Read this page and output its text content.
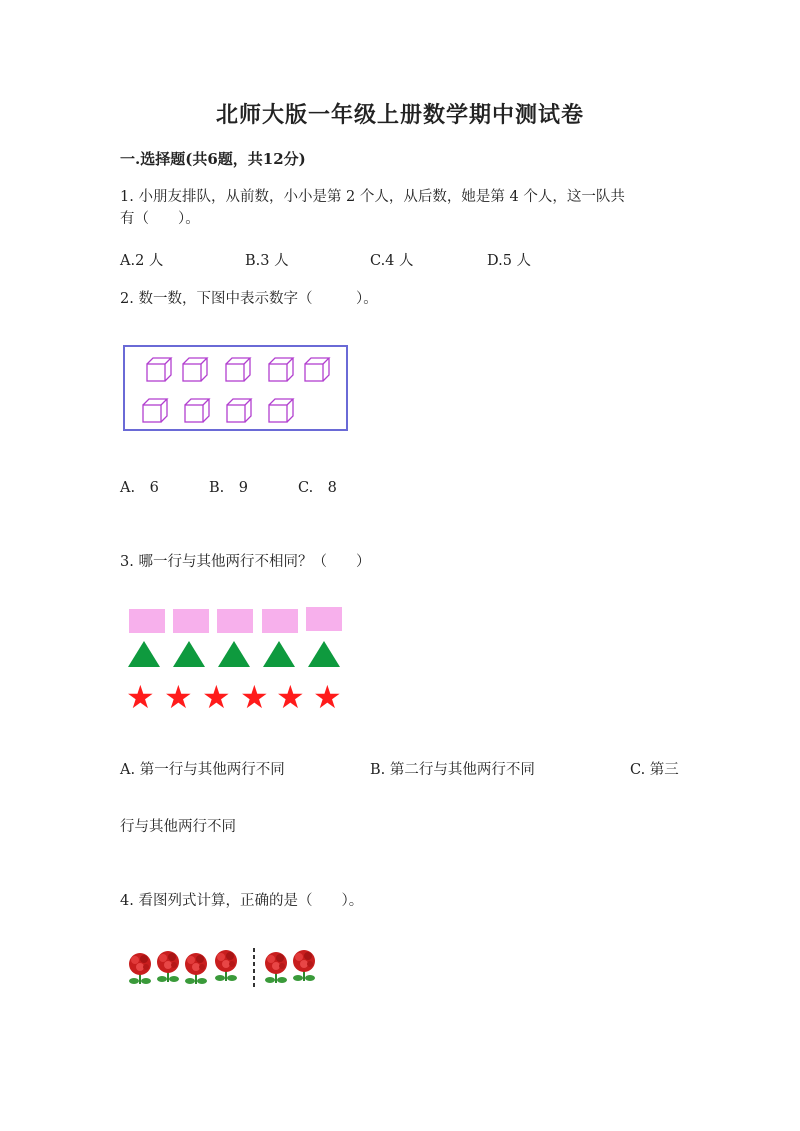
北师大版一年级上册数学期中测试卷
一.选择题(共6题，共12分)
1. 小朋友排队，从前数，小小是第 2 个人，从后数，她是第 4 个人，这一队共
有（　　）。
A.2 人	B.3 人	C.4 人	D.5 人
2. 数一数，下图中表示数字（　　　）。
A.　6	B.　9	C.　8
3. 哪一行与其他两行不相同？（　　）
★ ★ ★ ★ ★ ★
A. 第一行与其他两行不同	B. 第二行与其他两行不同	C. 第三
行与其他两行不同
4. 看图列式计算，正确的是（　　）。
